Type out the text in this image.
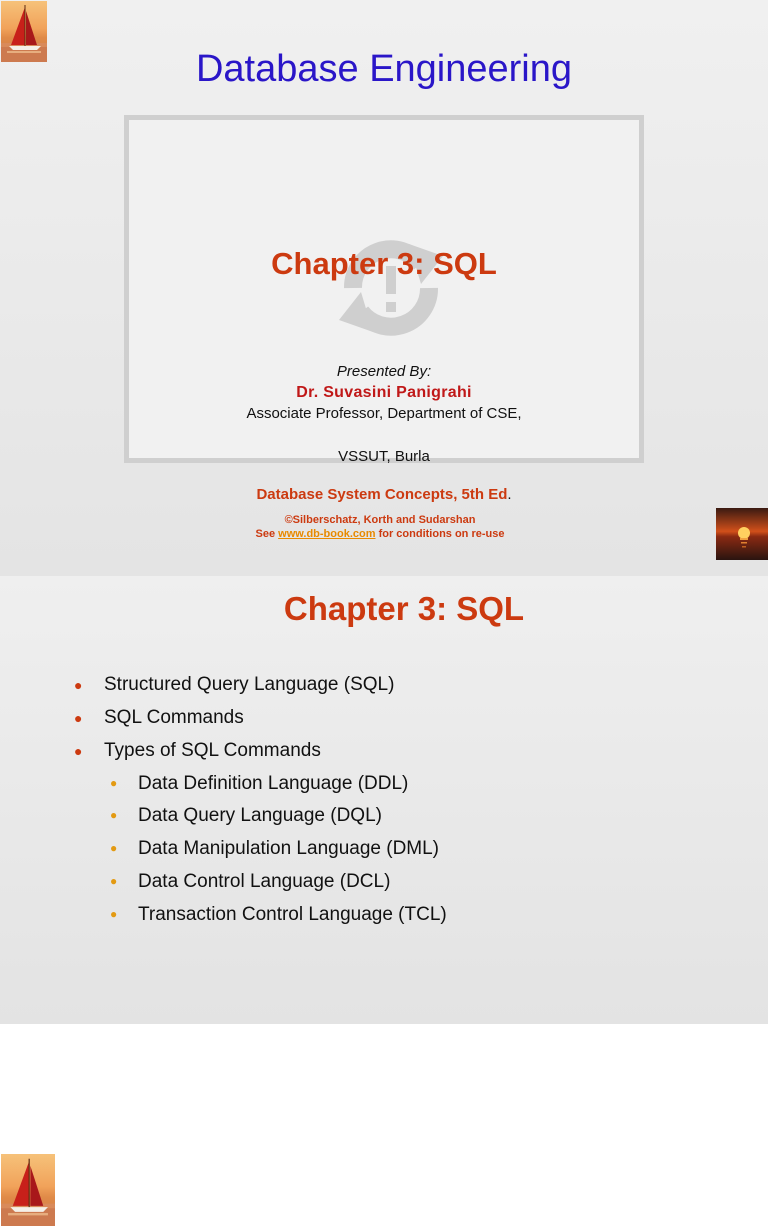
Database Engineering
Chapter 3: SQL
Presented By:
Dr. Suvasini Panigrahi
Associate Professor, Department of CSE,
VSSUT, Burla
Database System Concepts, 5th Ed.
©Silberschatz, Korth and Sudarshan
See www.db-book.com for conditions on re-use
Chapter 3: SQL
● Structured Query Language (SQL)
● SQL Commands
● Types of SQL Commands
● Data Definition Language (DDL)
● Data Query Language (DQL)
● Data Manipulation Language (DML)
● Data Control Language (DCL)
● Transaction Control Language (TCL)
